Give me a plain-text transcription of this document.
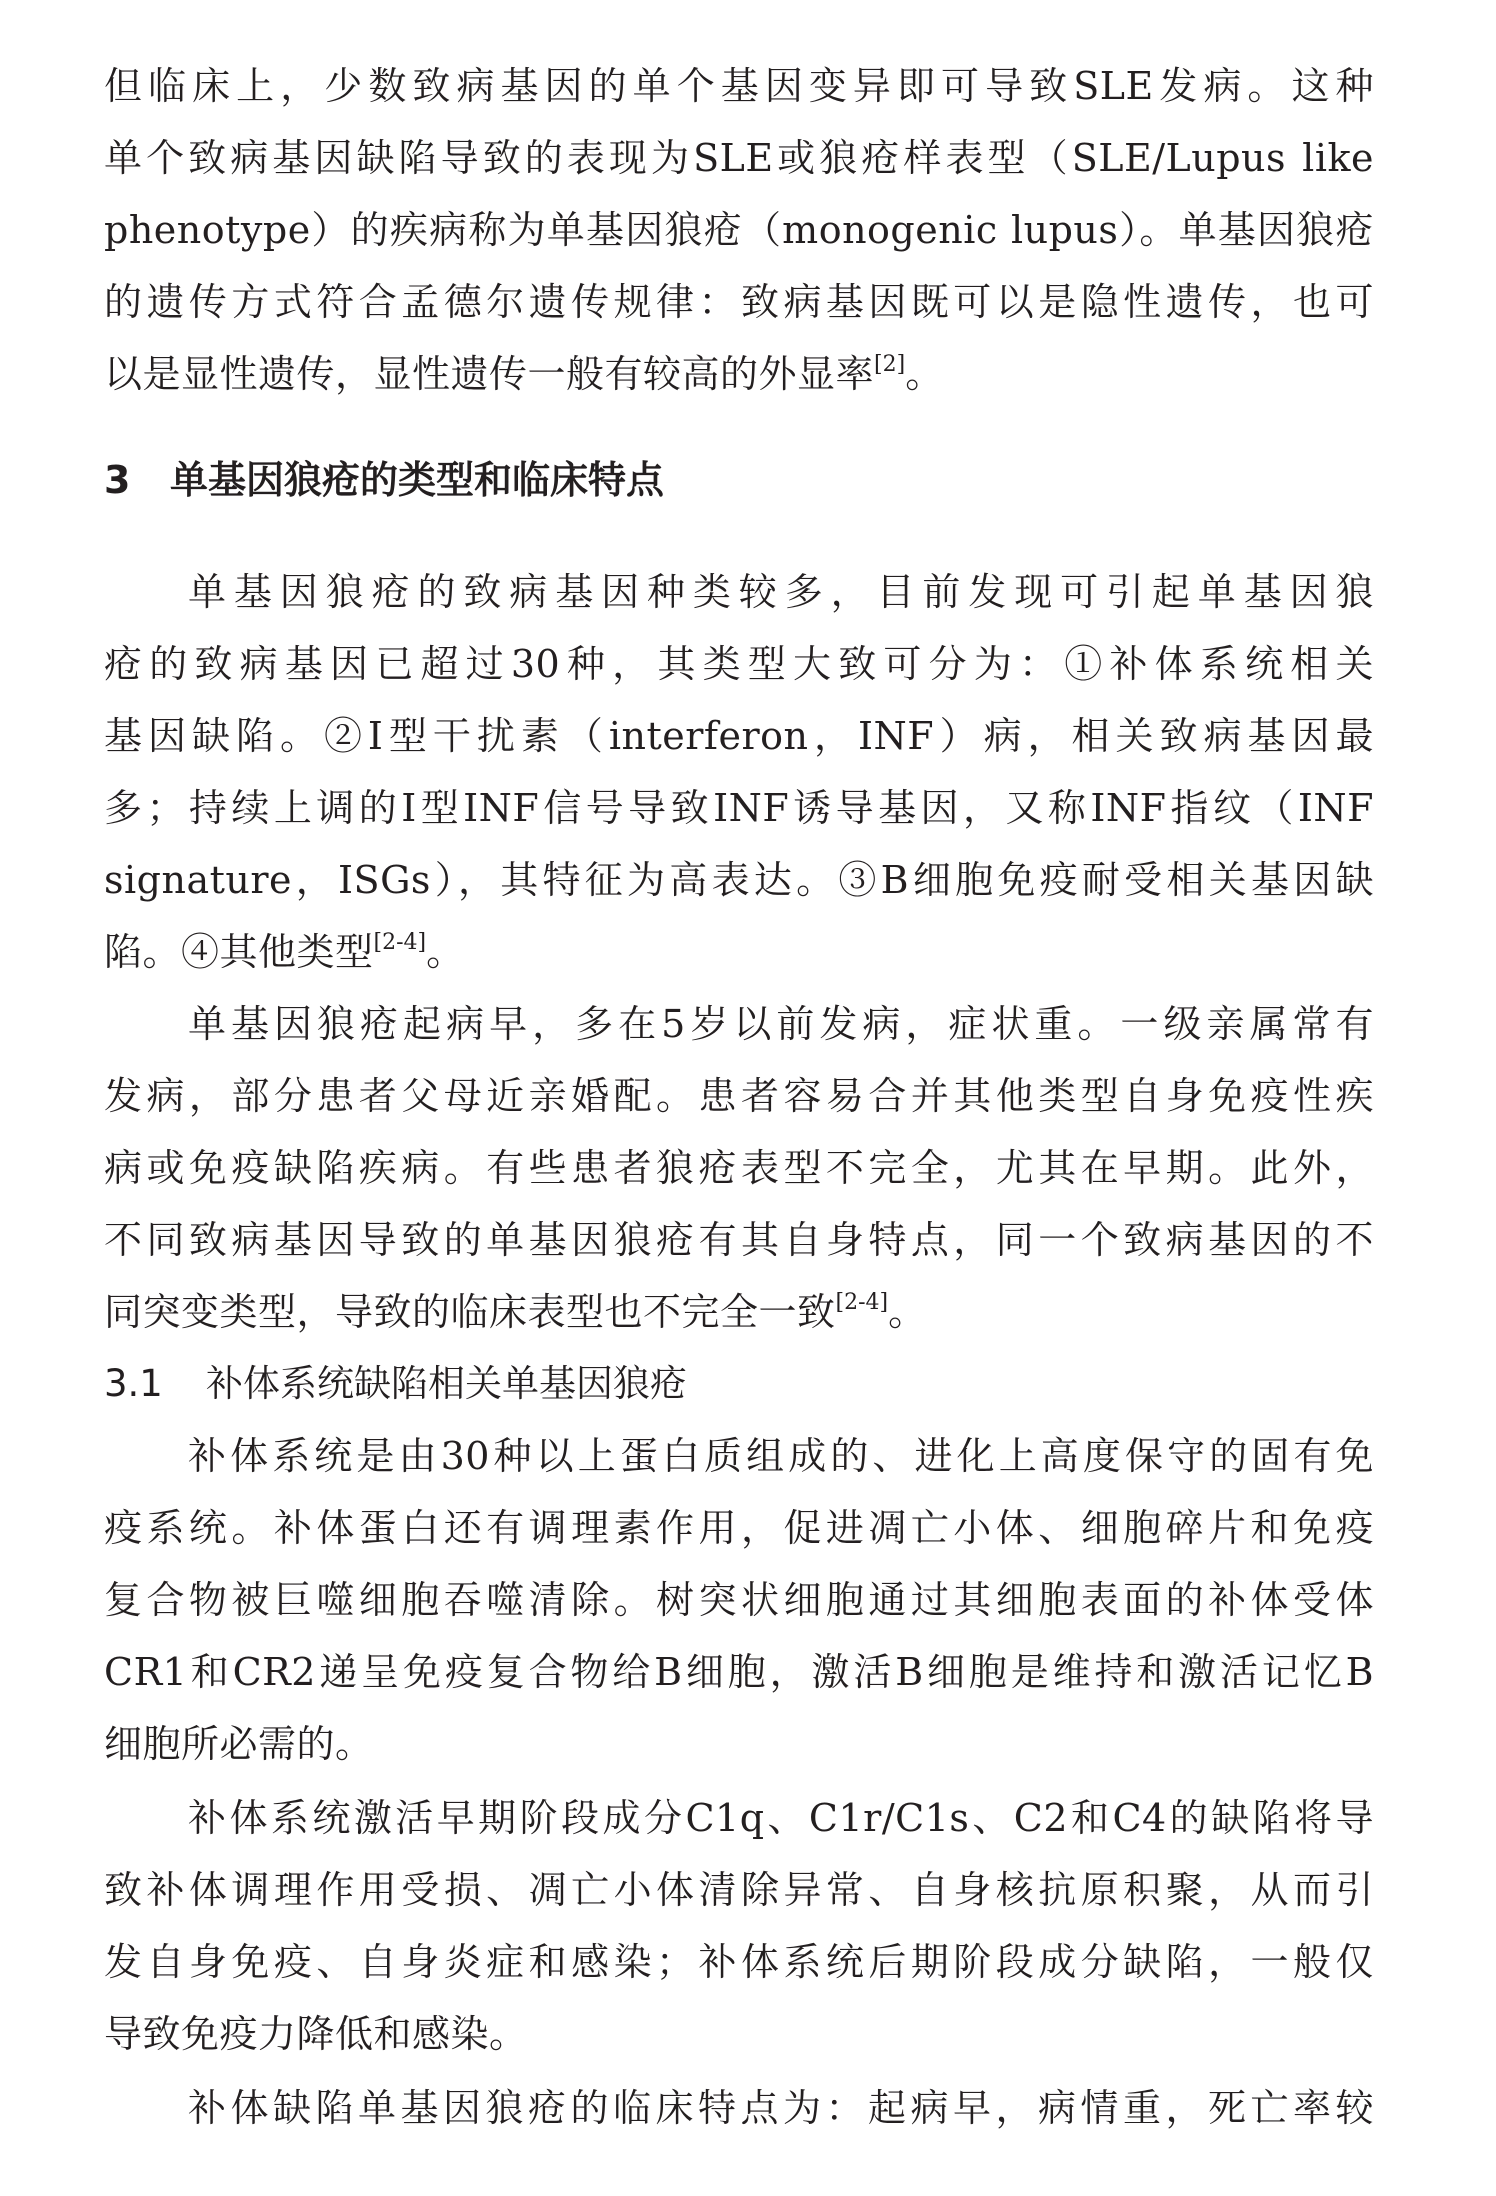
但临床上，少数致病基因的单个基因变异即可导致SLE发病。这种
单个致病基因缺陷导致的表现为SLE或狼疮样表型（SLE/Lupus like
phenotype）的疾病称为单基因狼疮（monogenic lupus）。单基因狼疮
的遗传方式符合孟德尔遗传规律：致病基因既可以是隐性遗传，也可
以是显性遗传，显性遗传一般有较高的外显率[2]。
3 单基因狼疮的类型和临床特点
单基因狼疮的致病基因种类较多，目前发现可引起单基因狼
疮的致病基因已超过30种，其类型大致可分为：①补体系统相关
基因缺陷。②Ⅰ型干扰素（interferon，INF）病，相关致病基因最
多；持续上调的Ⅰ型INF信号导致INF诱导基因，又称INF指纹（INF
signature，ISGs），其特征为高表达。③B细胞免疫耐受相关基因缺
陷。④其他类型[2-4]。
单基因狼疮起病早，多在5岁以前发病，症状重。一级亲属常有
发病，部分患者父母近亲婚配。患者容易合并其他类型自身免疫性疾
病或免疫缺陷疾病。有些患者狼疮表型不完全，尤其在早期。此外，
不同致病基因导致的单基因狼疮有其自身特点，同一个致病基因的不
同突变类型，导致的临床表型也不完全一致[2-4]。
3.1 补体系统缺陷相关单基因狼疮
补体系统是由30种以上蛋白质组成的、进化上高度保守的固有免
疫系统。补体蛋白还有调理素作用，促进凋亡小体、细胞碎片和免疫
复合物被巨噬细胞吞噬清除。树突状细胞通过其细胞表面的补体受体
CR1和CR2递呈免疫复合物给B细胞，激活B细胞是维持和激活记忆B
细胞所必需的。
补体系统激活早期阶段成分C1q、C1r/C1s、C2和C4的缺陷将导
致补体调理作用受损、凋亡小体清除异常、自身核抗原积聚，从而引
发自身免疫、自身炎症和感染；补体系统后期阶段成分缺陷，一般仅
导致免疫力降低和感染。
补体缺陷单基因狼疮的临床特点为：起病早，病情重，死亡率较
